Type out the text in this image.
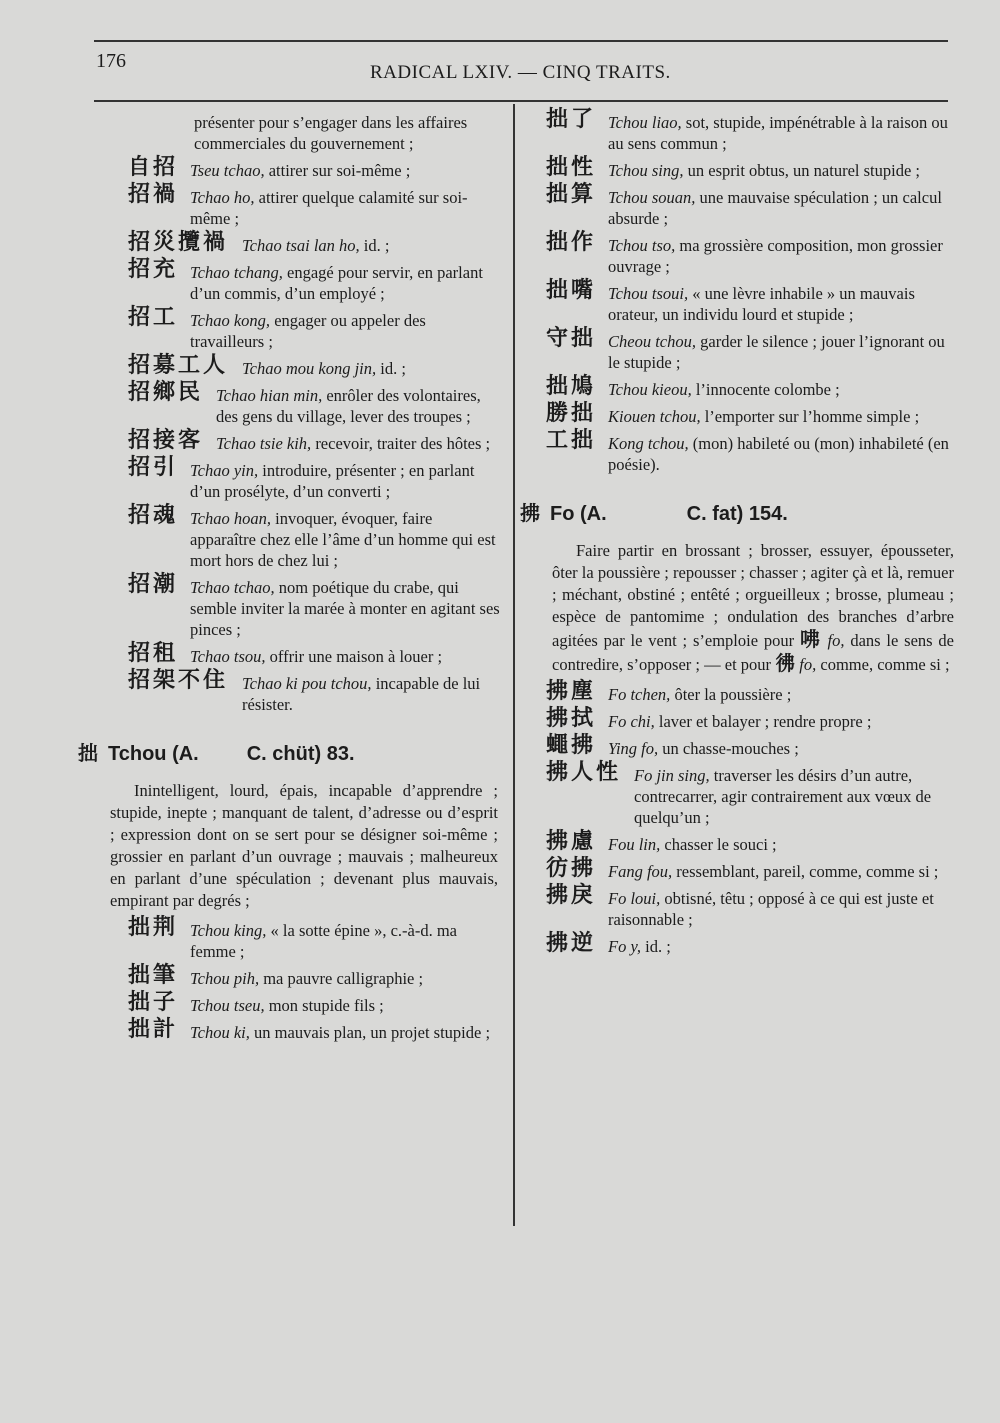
176
RADICAL LXIV. — CINQ TRAITS.
présenter pour s’engager dans les affaires commerciales du gouvernement ;
自招 Tseu tchao, attirer sur soi-même ;
招禍 Tchao ho, attirer quelque calamité sur soi-même ;
招災攬禍 Tchao tsai lan ho, id. ;
招充 Tchao tchang, engagé pour servir, en parlant d’un commis, d’un employé ;
招工 Tchao kong, engager ou appeler des travailleurs ;
招募工人 Tchao mou kong jin, id. ;
招鄉民 Tchao hian min, enrôler des volontaires, des gens du village, lever des troupes ;
招接客 Tchao tsie kih, recevoir, traiter des hôtes ;
招引 Tchao yin, introduire, présenter ; en parlant d’un prosélyte, d’un converti ;
招魂 Tchao hoan, invoquer, évoquer, faire apparaître chez elle l’âme d’un homme qui est mort hors de chez lui ;
招潮 Tchao tchao, nom poétique du crabe, qui semble inviter la marée à monter en agitant ses pinces ;
招租 Tchao tsou, offrir une maison à louer ;
招架不住 Tchao ki pou tchou, incapable de lui résister.
拙 Tchou (A. C. chüt) 83.
Inintelligent, lourd, épais, incapable d’apprendre ; stupide, inepte ; manquant de talent, d’adresse ou d’esprit ; expression dont on se sert pour se désigner soi-même ; grossier en parlant d’un ouvrage ; mauvais ; malheureux en parlant d’une spéculation ; devenant plus mauvais, empirant par degrés ;
拙荆 Tchou king, « la sotte épine », c.-à-d. ma femme ;
拙筆 Tchou pih, ma pauvre calligraphie ;
拙子 Tchou tseu, mon stupide fils ;
拙計 Tchou ki, un mauvais plan, un projet stupide ;
拙了 Tchou liao, sot, stupide, impénétrable à la raison ou au sens commun ;
拙性 Tchou sing, un esprit obtus, un naturel stupide ;
拙算 Tchou souan, une mauvaise spéculation ; un calcul absurde ;
拙作 Tchou tso, ma grossière composition, mon grossier ouvrage ;
拙嘴 Tchou tsoui, « une lèvre inhabile » un mauvais orateur, un individu lourd et stupide ;
守拙 Cheou tchou, garder le silence ; jouer l’ignorant ou le stupide ;
拙鳩 Tchou kieou, l’innocente colombe ;
勝拙 Kiouen tchou, l’emporter sur l’homme simple ;
工拙 Kong tchou, (mon) habileté ou (mon) inhabileté (en poésie).
拂 Fo (A.	C. fat) 154.
Faire partir en brossant ; brosser, essuyer, épousseter, ôter la poussière ; repousser ; chasser ; agiter çà et là, remuer ; méchant, obstiné ; entêté ; orgueilleux ; brosse, plumeau ; espèce de pantomime ; ondulation des branches d’arbre agitées par le vent ; s’emploie pour 咈 fo, dans le sens de contredire, s’opposer ; — et pour 彿 fo, comme, comme si ;
拂塵 Fo tchen, ôter la poussière ;
拂拭 Fo chi, laver et balayer ; rendre propre ;
蠅拂 Ying fo, un chasse-mouches ;
拂人性 Fo jin sing, traverser les désirs d’un autre, contrecarrer, agir contrairement aux vœux de quelqu’un ;
拂慮 Fou lin, chasser le souci ;
彷拂 Fang fou, ressemblant, pareil, comme, comme si ;
拂戾 Fo loui, obtisné, têtu ; opposé à ce qui est juste et raisonnable ;
拂逆 Fo y, id. ;
